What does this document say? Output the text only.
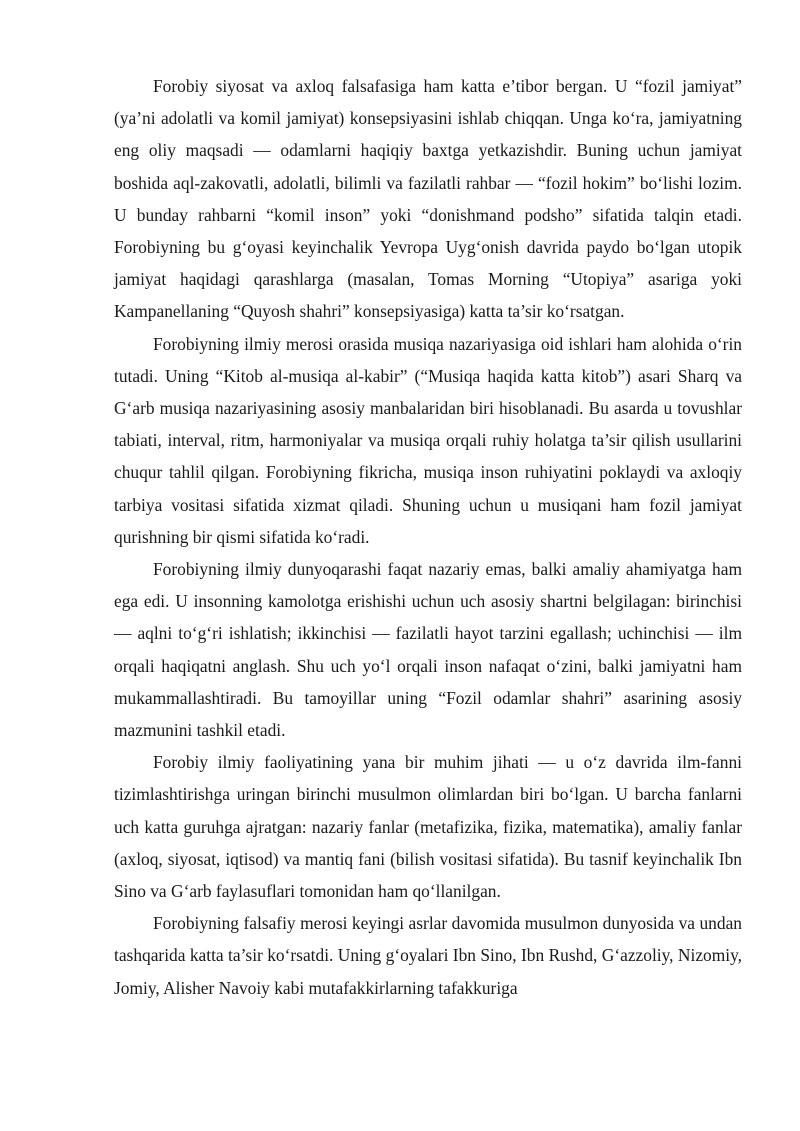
Forobiy siyosat va axloq falsafasiga ham katta e’tibor bergan. U “fozil jamiyat” (ya’ni adolatli va komil jamiyat) konsepsiyasini ishlab chiqqan. Unga ko‘ra, jamiyatning eng oliy maqsadi — odamlarni haqiqiy baxtga yetkazishdir. Buning uchun jamiyat boshida aql-zakovatli, adolatli, bilimli va fazilatli rahbar — “fozil hokim” bo‘lishi lozim. U bunday rahbarni “komil inson” yoki “donishmand podsho” sifatida talqin etadi. Forobiyning bu g‘oyasi keyinchalik Yevropa Uyg‘onish davrida paydo bo‘lgan utopik jamiyat haqidagi qarashlarga (masalan, Tomas Morning “Utopiya” asariga yoki Kampanellaning “Quyosh shahri” konsepsiyasiga) katta ta’sir ko‘rsatgan.

Forobiyning ilmiy merosi orasida musiqa nazariyasiga oid ishlari ham alohida o‘rin tutadi. Uning “Kitob al-musiqa al-kabir” (“Musiqa haqida katta kitob”) asari Sharq va G‘arb musiqa nazariyasining asosiy manbalaridan biri hisoblanadi. Bu asarda u tovushlar tabiati, interval, ritm, harmoniyalar va musiqa orqali ruhiy holatga ta’sir qilish usullarini chuqur tahlil qilgan. Forobiyning fikricha, musiqa inson ruhiyatini poklaydi va axloqiy tarbiya vositasi sifatida xizmat qiladi. Shuning uchun u musiqani ham fozil jamiyat qurishning bir qismi sifatida ko‘radi.

Forobiyning ilmiy dunyoqarashi faqat nazariy emas, balki amaliy ahamiyatga ham ega edi. U insonning kamolotga erishishi uchun uch asosiy shartni belgilagan: birinchisi — aqlni to‘g‘ri ishlatish; ikkinchisi — fazilatli hayot tarzini egallash; uchinchisi — ilm orqali haqiqatni anglash. Shu uch yo‘l orqali inson nafaqat o‘zini, balki jamiyatni ham mukammallashtiradi. Bu tamoyillar uning “Fozil odamlar shahri” asarining asosiy mazmunini tashkil etadi.

Forobiy ilmiy faoliyatining yana bir muhim jihati — u o‘z davrida ilm-fanni tizimlashtirishga uringan birinchi musulmon olimlardan biri bo‘lgan. U barcha fanlarni uch katta guruhga ajratgan: nazariy fanlar (metafizika, fizika, matematika), amaliy fanlar (axloq, siyosat, iqtisod) va mantiq fani (bilish vositasi sifatida). Bu tasnif keyinchalik Ibn Sino va G‘arb faylasuflari tomonidan ham qo‘llanilgan.

Forobiyning falsafiy merosi keyingi asrlar davomida musulmon dunyosida va undan tashqarida katta ta’sir ko‘rsatdi. Uning g‘oyalari Ibn Sino, Ibn Rushd, G‘azzoliy, Nizomiy, Jomiy, Alisher Navoiy kabi mutafakkirlarning tafakkuriga
